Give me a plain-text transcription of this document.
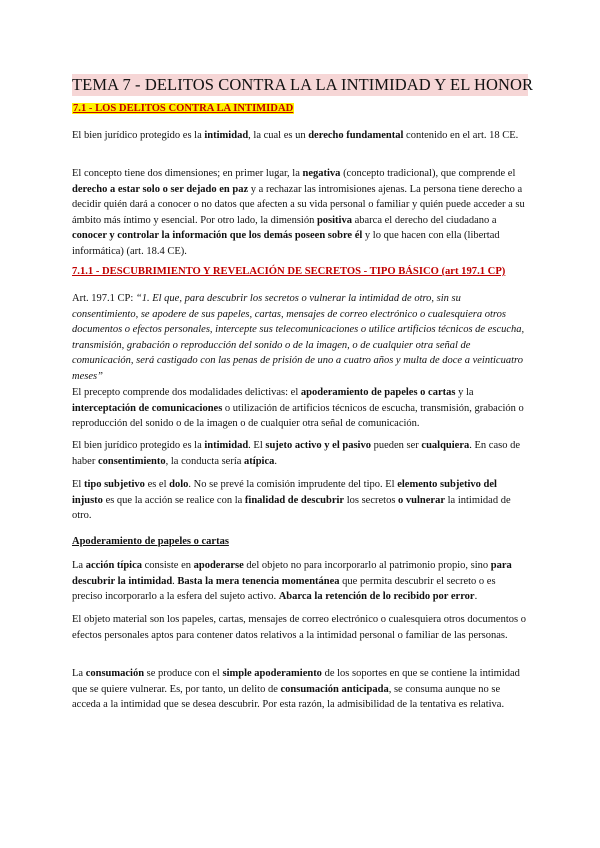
TEMA 7 - DELITOS CONTRA LA LA INTIMIDAD Y EL HONOR
7.1 - LOS DELITOS CONTRA LA INTIMIDAD
El bien jurídico protegido es la intimidad, la cual es un derecho fundamental contenido en el art. 18 CE.
El concepto tiene dos dimensiones; en primer lugar, la negativa (concepto tradicional), que comprende el derecho a estar solo o ser dejado en paz y a rechazar las intromisiones ajenas. La persona tiene derecho a decidir quién dará a conocer o no datos que afecten a su vida personal o familiar y quién puede acceder a su ámbito más íntimo y esencial. Por otro lado, la dimensión positiva abarca el derecho del ciudadano a conocer y controlar la información que los demás poseen sobre él y lo que hacen con ella (libertad informática) (art. 18.4 CE).
7.1.1 - DESCUBRIMIENTO Y REVELACIÓN DE SECRETOS - TIPO BÁSICO (art 197.1 CP)
Art. 197.1 CP: “1. El que, para descubrir los secretos o vulnerar la intimidad de otro, sin su consentimiento, se apodere de sus papeles, cartas, mensajes de correo electrónico o cualesquiera otros documentos o efectos personales, intercepte sus telecomunicaciones o utilice artificios técnicos de escucha, transmisión, grabación o reproducción del sonido o de la imagen, o de cualquier otra señal de comunicación, será castigado con las penas de prisión de uno a cuatro años y multa de doce a veinticuatro meses”
El precepto comprende dos modalidades delictivas: el apoderamiento de papeles o cartas y la interceptación de comunicaciones o utilización de artificios técnicos de escucha, transmisión, grabación o reproducción del sonido o de la imagen o de cualquier otra señal de comunicación.
El bien jurídico protegido es la intimidad. El sujeto activo y el pasivo pueden ser cualquiera. En caso de haber consentimiento, la conducta sería atípica.
El tipo subjetivo es el dolo. No se prevé la comisión imprudente del tipo. El elemento subjetivo del injusto es que la acción se realice con la finalidad de descubrir los secretos o vulnerar la intimidad de otro.
Apoderamiento de papeles o cartas
La acción típica consiste en apoderarse del objeto no para incorporarlo al patrimonio propio, sino para descubrir la intimidad. Basta la mera tenencia momentánea que permita descubrir el secreto o es preciso incorporarlo a la esfera del sujeto activo. Abarca la retención de lo recibido por error.
El objeto material son los papeles, cartas, mensajes de correo electrónico o cualesquiera otros documentos o efectos personales aptos para contener datos relativos a la intimidad personal o familiar de las personas.
La consumación se produce con el simple apoderamiento de los soportes en que se contiene la intimidad que se quiere vulnerar. Es, por tanto, un delito de consumación anticipada, se consuma aunque no se acceda a la intimidad que se desea descubrir. Por esta razón, la admisibilidad de la tentativa es relativa.
